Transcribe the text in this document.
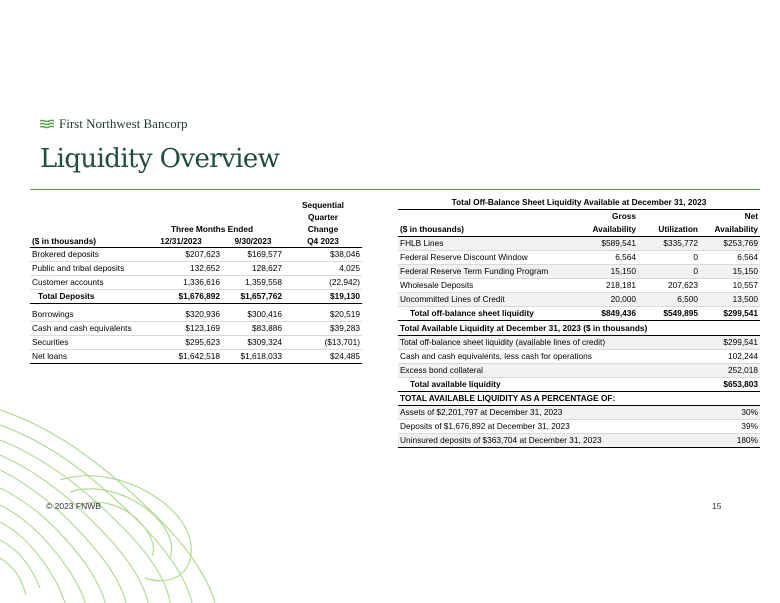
First Northwest Bancorp
Liquidity Overview
			Sequential
			Quarter
	Three Months Ended		Change
($ in thousands)	12/31/2023	9/30/2023	Q4 2023
Brokered deposits	$207,623	$169,577	$38,046
Public and tribal deposits	132,652	128,627	4,025
Customer accounts	1,336,616	1,359,558	(22,942)
Total Deposits	$1,676,892	$1,657,762	$19,130

Borrowings	$320,936	$300,416	$20,519
Cash and cash equivalents	$123,169	$83,886	$39,283
Securities	$295,623	$309,324	($13,701)
Net loans	$1,642,518	$1,618,033	$24,485
Total Off-Balance Sheet Liquidity Available at December 31, 2023			
	Gross		Net
($ in thousands)	Availability	Utilization	Availability
FHLB Lines	$589,541	$335,772	$253,769
Federal Reserve Discount Window	6,564	0	6,564
Federal Reserve Term Funding Program	15,150	0	15,150
Wholesale Deposits	218,181	207,623	10,557
Uncommitted Lines of Credit	20,000	6,500	13,500
Total off-balance sheet liquidity	$849,436	$549,895	$299,541
Total Available Liquidity at December 31, 2023 ($ in thousands)	
Total off-balance sheet liquidity (available lines of credit)	$299,541
Cash and cash equivalents, less cash for operations	102,244
Excess bond collateral	252,018
Total available liquidity	$653,803
TOTAL AVAILABLE LIQUIDITY AS A PERCENTAGE OF:	
Assets of $2,201,797 at December 31, 2023	30%
Deposits of $1,676,892 at December 31, 2023	39%
Uninsured deposits of $363,704 at December 31, 2023	180%
© 2023 FNWB	15
